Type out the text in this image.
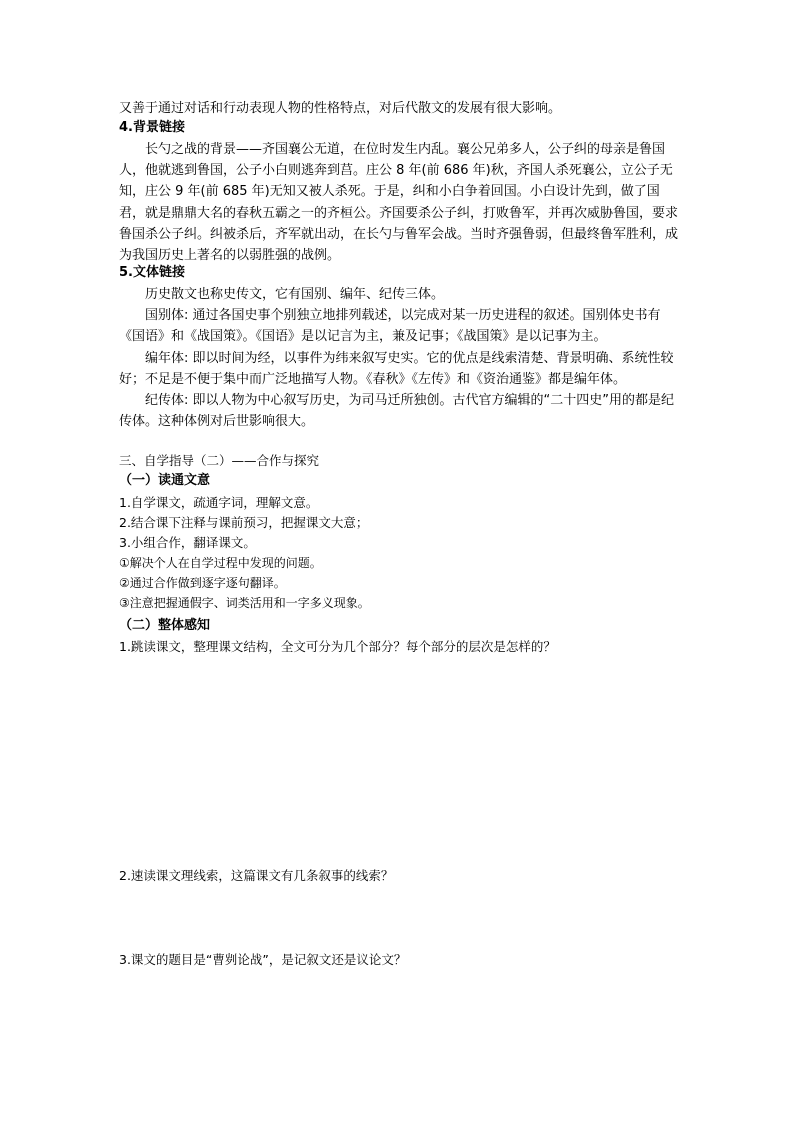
又善于通过对话和行动表现人物的性格特点，对后代散文的发展有很大影响。

4.背景链接

长勺之战的背景——齐国襄公无道，在位时发生内乱。襄公兄弟多人，公子纠的母亲是鲁国人，他就逃到鲁国，公子小白则逃奔到莒。庄公 8 年(前 686 年)秋，齐国人杀死襄公，立公子无知，庄公 9 年(前 685 年)无知又被人杀死。于是，纠和小白争着回国。小白设计先到，做了国君，就是鼎鼎大名的春秋五霸之一的齐桓公。齐国要杀公子纠，打败鲁军，并再次威胁鲁国，要求鲁国杀公子纠。纠被杀后，齐军就出动，在长勺与鲁军会战。当时齐强鲁弱，但最终鲁军胜利，成为我国历史上著名的以弱胜强的战例。

5.文体链接

历史散文也称史传文，它有国别、编年、纪传三体。

国别体: 通过各国史事个别独立地排列载述，以完成对某一历史进程的叙述。国别体史书有《国语》和《战国策》。《国语》是以记言为主，兼及记事；《战国策》是以记事为主。

编年体: 即以时间为经，以事件为纬来叙写史实。它的优点是线索清楚、背景明确、系统性较好；不足是不便于集中而广泛地描写人物。《春秋》《左传》和《资治通鉴》都是编年体。

纪传体: 即以人物为中心叙写历史，为司马迁所独创。古代官方编辑的“二十四史”用的都是纪传体。这种体例对后世影响很大。

三、自学指导（二）——合作与探究

（一）读通文意

1.自学课文，疏通字词，理解文意。

2.结合课下注释与课前预习，把握课文大意；

3.小组合作，翻译课文。

①解决个人在自学过程中发现的问题。

②通过合作做到逐字逐句翻译。

③注意把握通假字、词类活用和一字多义现象。

（二）整体感知

1.跳读课文，整理课文结构，全文可分为几个部分？每个部分的层次是怎样的？

2.速读课文理线索，这篇课文有几条叙事的线索？

3.课文的题目是“曹刿论战”，是记叙文还是议论文？
